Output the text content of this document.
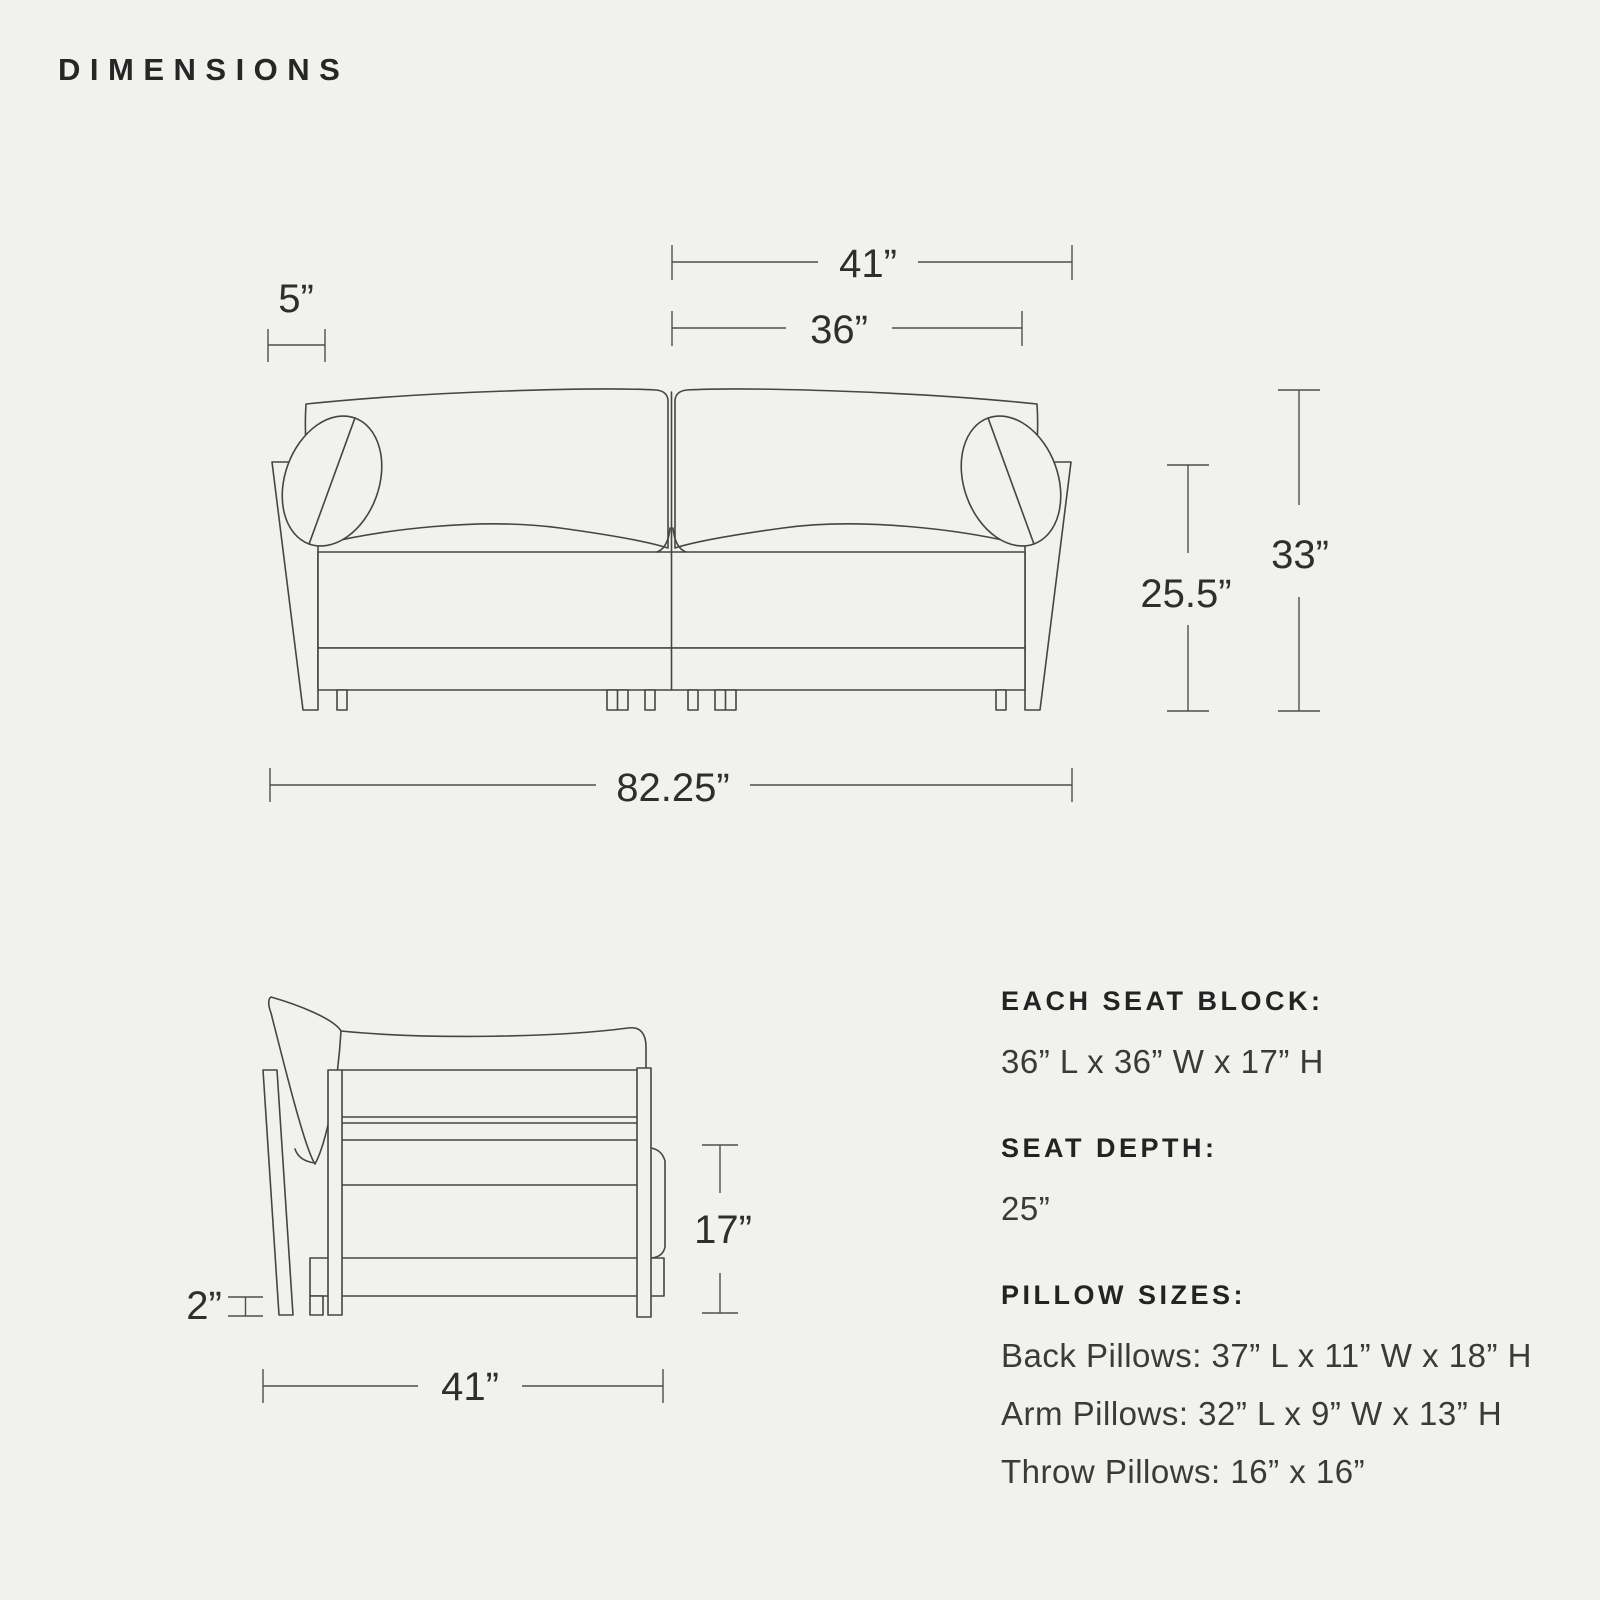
DIMENSIONS
5”
41”
36”
25.5”
33”
82.25”
2”
41”
17”

EACH SEAT BLOCK:

36” L x 36” W x 17” H

SEAT DEPTH:

25”

PILLOW SIZES:

Back Pillows: 37” L x 11” W x 18” H

Arm Pillows: 32” L x 9” W x 13” H

Throw Pillows: 16” x 16”
